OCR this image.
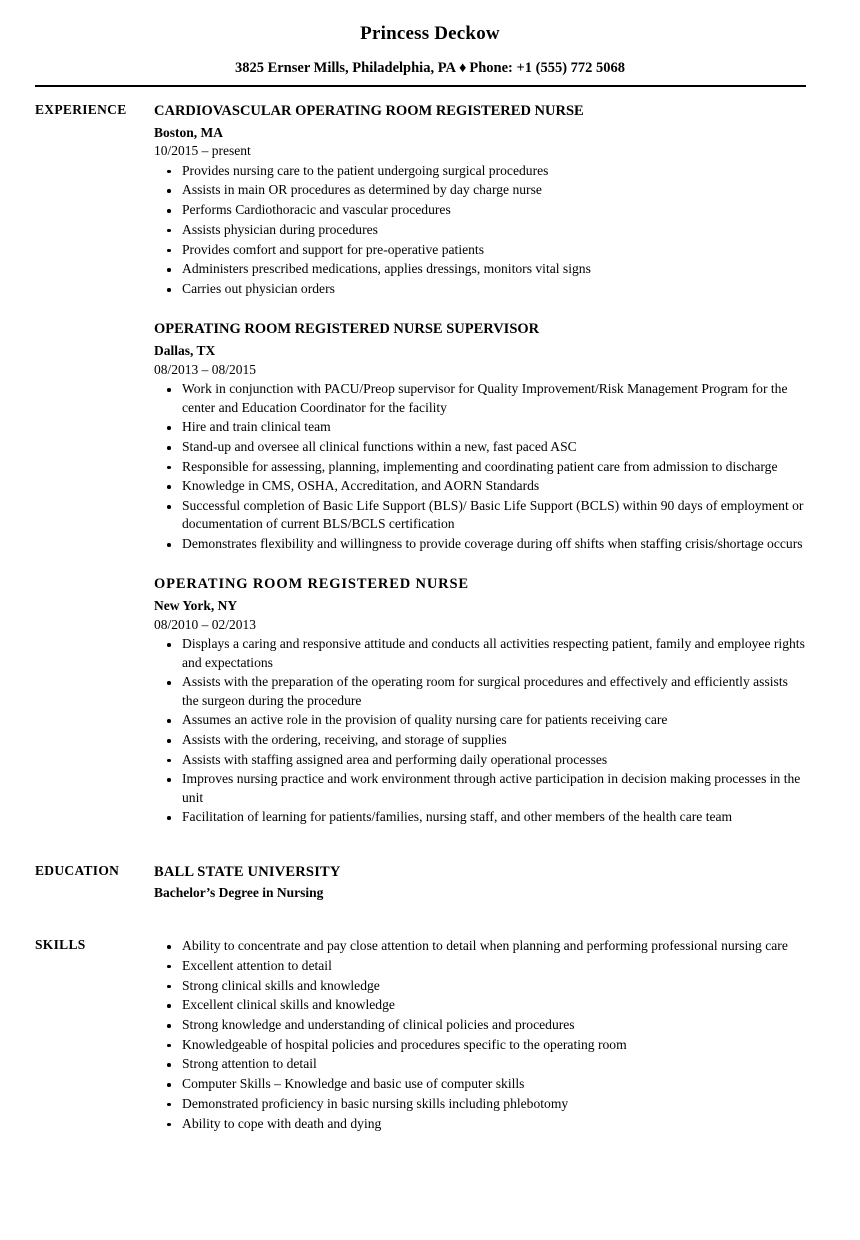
Princess Deckow
3825 Ernser Mills, Philadelphia, PA ♦ Phone: +1 (555) 772 5068
EXPERIENCE	CARDIOVASCULAR OPERATING ROOM REGISTERED NURSE
Boston, MA
10/2015 – present
Provides nursing care to the patient undergoing surgical procedures
Assists in main OR procedures as determined by day charge nurse
Performs Cardiothoracic and vascular procedures
Assists physician during procedures
Provides comfort and support for pre-operative patients
Administers prescribed medications, applies dressings, monitors vital signs
Carries out physician orders
OPERATING ROOM REGISTERED NURSE SUPERVISOR
Dallas, TX
08/2013 – 08/2015
Work in conjunction with PACU/Preop supervisor for Quality Improvement/Risk Management Program for the center and Education Coordinator for the facility
Hire and train clinical team
Stand-up and oversee all clinical functions within a new, fast paced ASC
Responsible for assessing, planning, implementing and coordinating patient care from admission to discharge
Knowledge in CMS, OSHA, Accreditation, and AORN Standards
Successful completion of Basic Life Support (BLS)/ Basic Life Support (BCLS) within 90 days of employment or documentation of current BLS/BCLS certification
Demonstrates flexibility and willingness to provide coverage during off shifts when staffing crisis/shortage occurs
OPERATING ROOM REGISTERED NURSE
New York, NY
08/2010 – 02/2013
Displays a caring and responsive attitude and conducts all activities respecting patient, family and employee rights and expectations
Assists with the preparation of the operating room for surgical procedures and effectively and efficiently assists the surgeon during the procedure
Assumes an active role in the provision of quality nursing care for patients receiving care
Assists with the ordering, receiving, and storage of supplies
Assists with staffing assigned area and performing daily operational processes
Improves nursing practice and work environment through active participation in decision making processes in the unit
Facilitation of learning for patients/families, nursing staff, and other members of the health care team
EDUCATION	BALL STATE UNIVERSITY
Bachelor’s Degree in Nursing
SKILLS	Ability to concentrate and pay close attention to detail when planning and performing professional nursing care
Excellent attention to detail
Strong clinical skills and knowledge
Excellent clinical skills and knowledge
Strong knowledge and understanding of clinical policies and procedures
Knowledgeable of hospital policies and procedures specific to the operating room
Strong attention to detail
Computer Skills – Knowledge and basic use of computer skills
Demonstrated proficiency in basic nursing skills including phlebotomy
Ability to cope with death and dying
